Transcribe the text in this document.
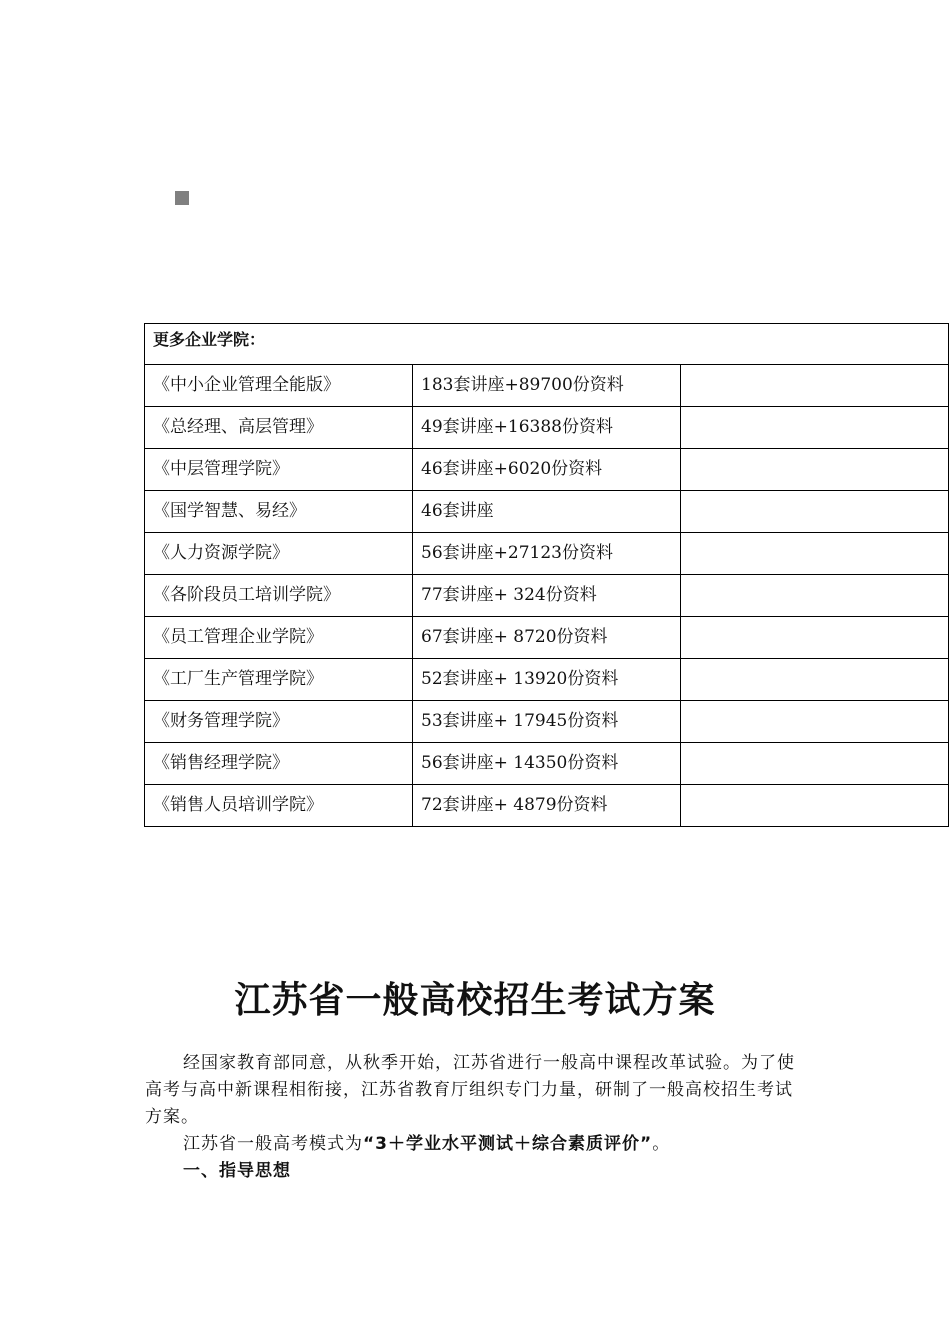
更多企业学院：		
《中小企业管理全能版》	183套讲座+89700份资料	
《总经理、高层管理》	49套讲座+16388份资料	
《中层管理学院》	46套讲座+6020份资料	
《国学智慧、易经》	46套讲座	
《人力资源学院》	56套讲座+27123份资料	
《各阶段员工培训学院》	77套讲座+ 324份资料	
《员工管理企业学院》	67套讲座+ 8720份资料	
《工厂生产管理学院》	52套讲座+ 13920份资料	
《财务管理学院》	53套讲座+ 17945份资料	
《销售经理学院》	56套讲座+ 14350份资料	
《销售人员培训学院》	72套讲座+ 4879份资料	
江苏省一般高校招生考试方案

经国家教育部同意，从秋季开始，江苏省进行一般高中课程改革试验。为了使高考与高中新课程相衔接，江苏省教育厅组织专门力量，研制了一般高校招生考试方案。

江苏省一般高考模式为“3＋学业水平测试＋综合素质评价”。

一、指导思想
